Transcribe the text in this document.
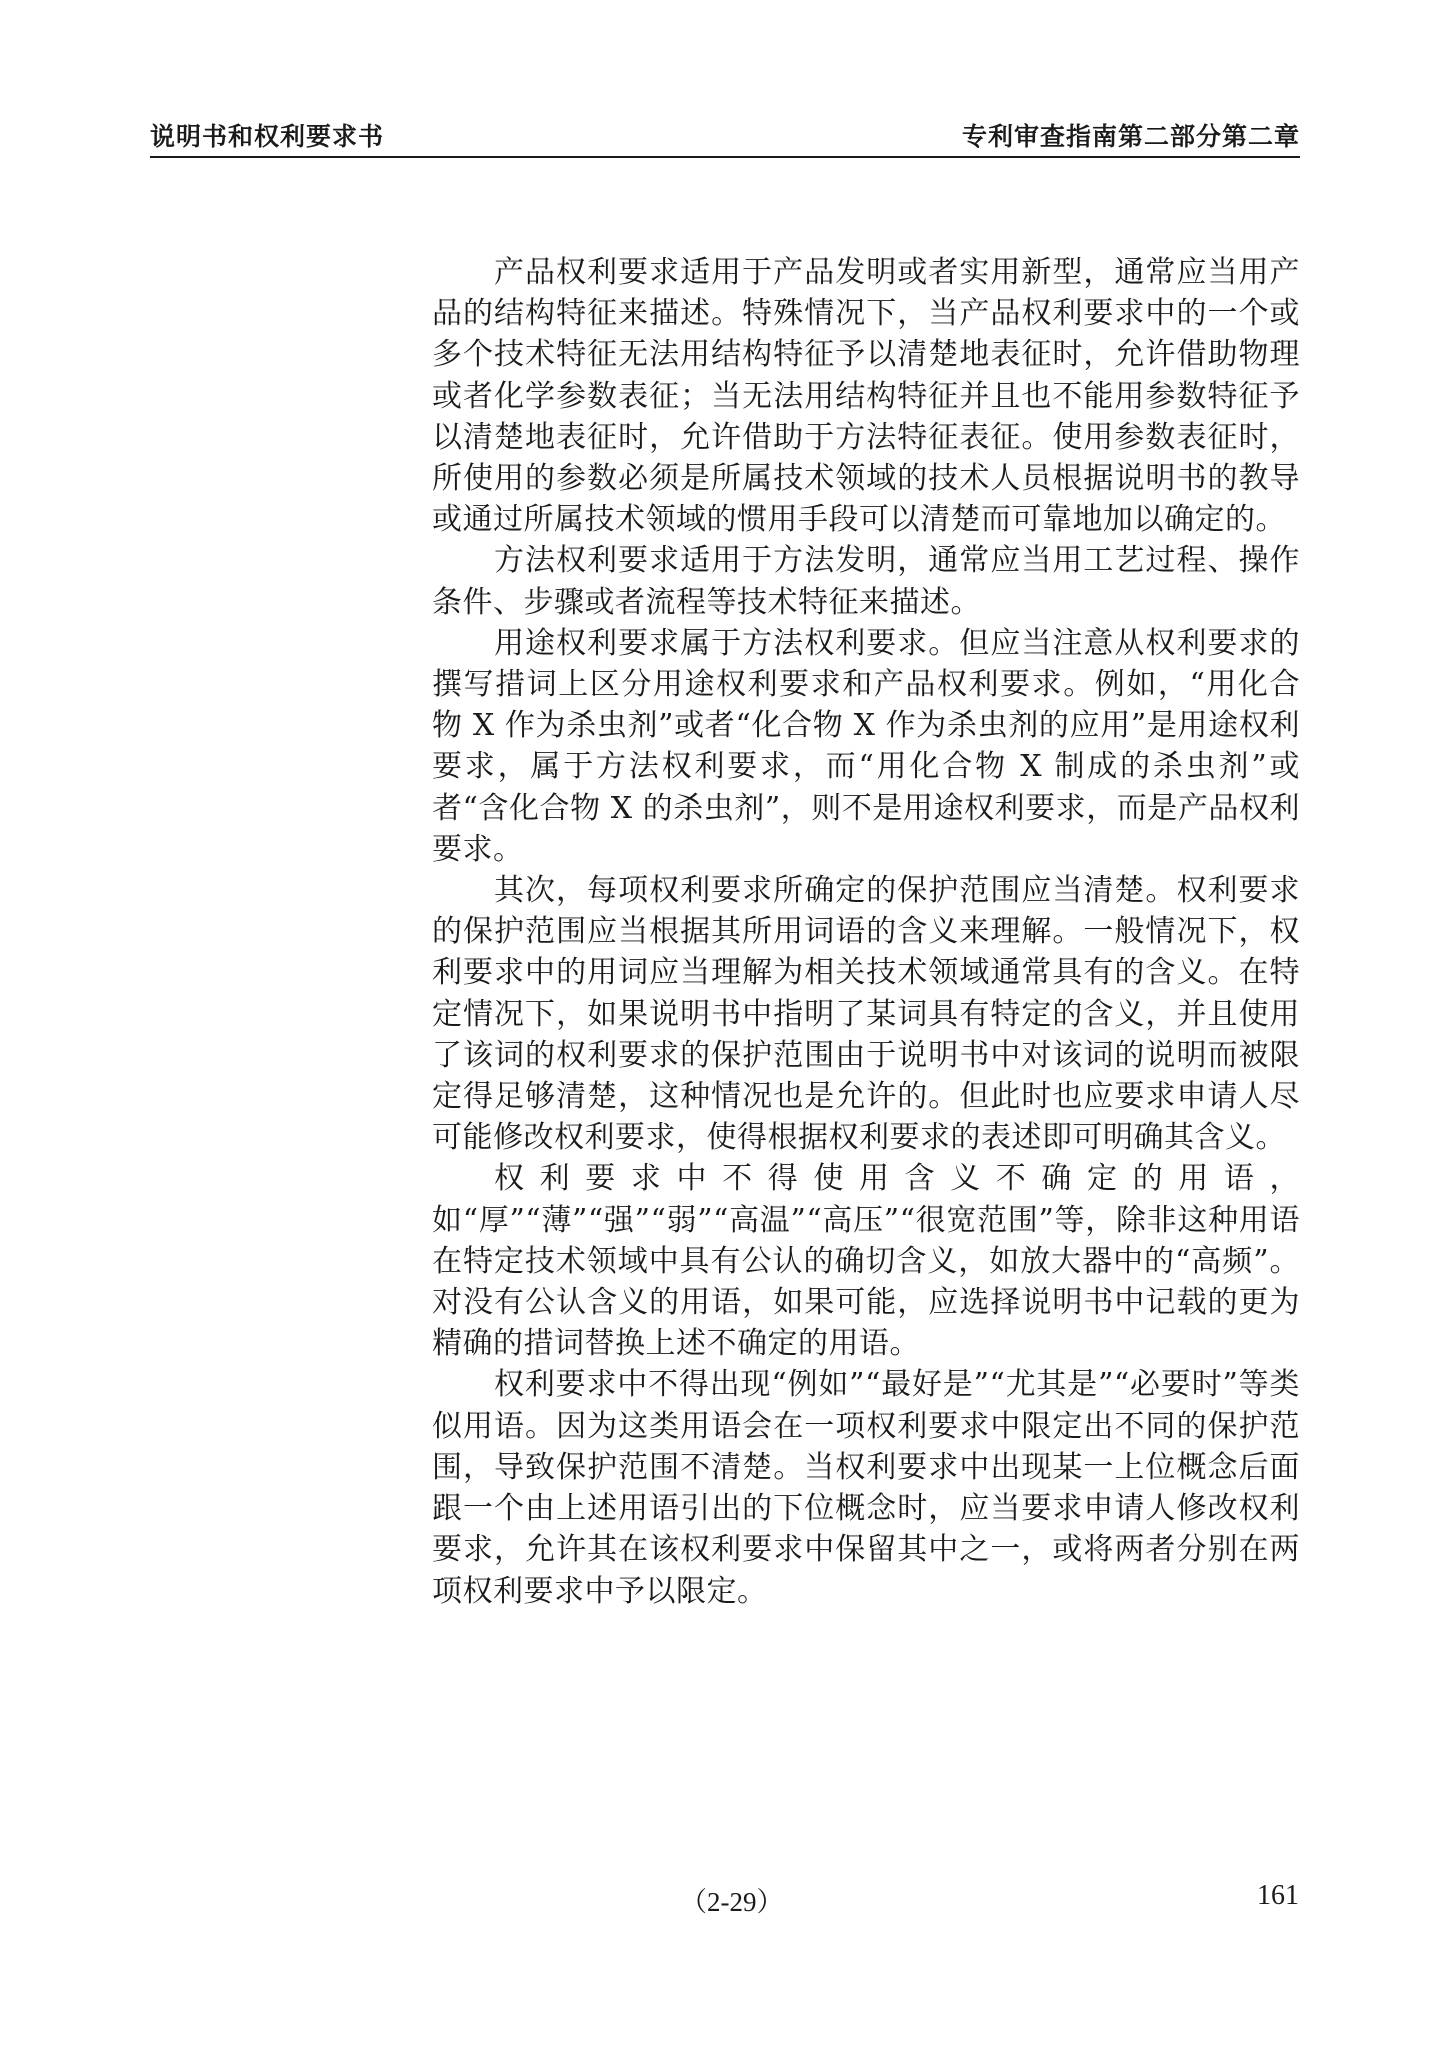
说明书和权利要求书	专利审查指南第二部分第二章

产品权利要求适用于产品发明或者实用新型，通常应当用产品的结构特征来描述。特殊情况下，当产品权利要求中的一个或多个技术特征无法用结构特征予以清楚地表征时，允许借助物理或者化学参数表征；当无法用结构特征并且也不能用参数特征予以清楚地表征时，允许借助于方法特征表征。使用参数表征时，所使用的参数必须是所属技术领域的技术人员根据说明书的教导或通过所属技术领域的惯用手段可以清楚而可靠地加以确定的。

方法权利要求适用于方法发明，通常应当用工艺过程、操作条件、步骤或者流程等技术特征来描述。

用途权利要求属于方法权利要求。但应当注意从权利要求的撰写措词上区分用途权利要求和产品权利要求。例如，“用化合物 X 作为杀虫剂”或者“化合物 X 作为杀虫剂的应用”是用途权利要求，属于方法权利要求，而“用化合物 X 制成的杀虫剂”或者“含化合物 X 的杀虫剂”，则不是用途权利要求，而是产品权利要求。

其次，每项权利要求所确定的保护范围应当清楚。权利要求的保护范围应当根据其所用词语的含义来理解。一般情况下，权利要求中的用词应当理解为相关技术领域通常具有的含义。在特定情况下，如果说明书中指明了某词具有特定的含义，并且使用了该词的权利要求的保护范围由于说明书中对该词的说明而被限定得足够清楚，这种情况也是允许的。但此时也应要求申请人尽可能修改权利要求，使得根据权利要求的表述即可明确其含义。

权利要求中不得使用含义不确定的用语，如“厚”“薄”“强”“弱”“高温”“高压”“很宽范围”等，除非这种用语在特定技术领域中具有公认的确切含义，如放大器中的“高频”。对没有公认含义的用语，如果可能，应选择说明书中记载的更为精确的措词替换上述不确定的用语。

权利要求中不得出现“例如”“最好是”“尤其是”“必要时”等类似用语。因为这类用语会在一项权利要求中限定出不同的保护范围，导致保护范围不清楚。当权利要求中出现某一上位概念后面跟一个由上述用语引出的下位概念时，应当要求申请人修改权利要求，允许其在该权利要求中保留其中之一，或将两者分别在两项权利要求中予以限定。

（2-29）	161
